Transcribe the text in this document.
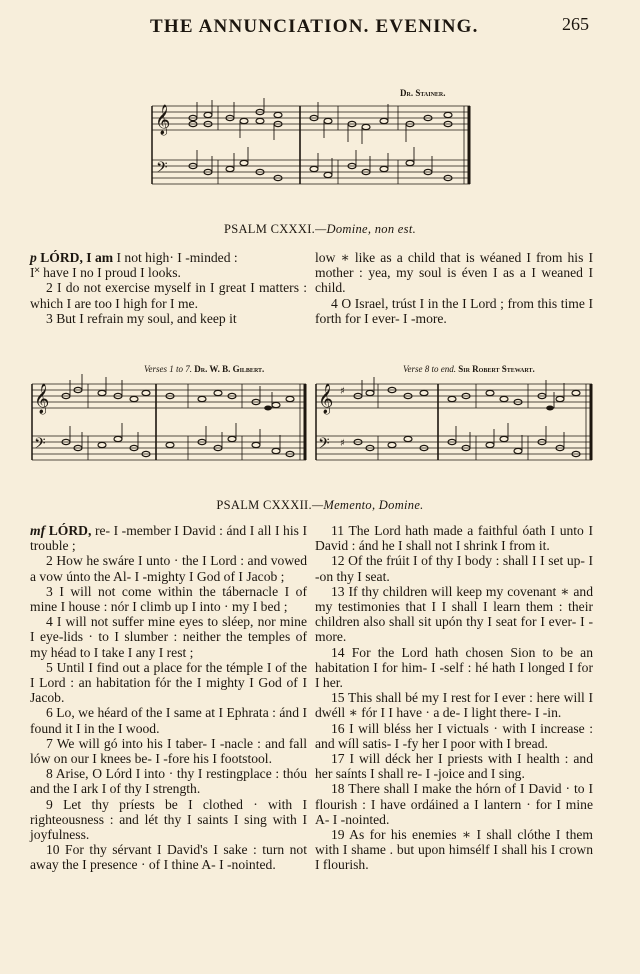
THE ANNUNCIATION. EVENING.	265
Dr. Stainer.
𝄞
𝄢
PSALM CXXXI.—Domine, non est.

p LÓRD, I am I not high· I -minded :

I˟ have I no I proud I looks.

2 I do not exercise myself in I great I matters : which I are too I high for I me.

3 But I refrain my soul, and keep it

low ∗ like as a child that is wéaned I from his I mother : yea, my soul is éven I as a I weaned I child.

4 O Israel, trúst I in the I Lord ; from this time I forth for I ever- I -more.

Verses 1 to 7. Dr. W. B. Gilbert.	Verse 8 to end. Sir Robert Stewart.
𝄞
𝄢
𝄞
𝄢
♯
♯
PSALM CXXXII.—Memento, Domine.

mf LÓRD, re- I -member I David : ánd I all I his I trouble ;

2 How he swáre I unto · the I Lord : and vowed a vow únto the Al- I -mighty I God of I Jacob ;

3 I will not come within the tábernacle I of mine I house : nór I climb up I into · my I bed ;

4 I will not suffer mine eyes to sléep, nor mine I eye-lids · to I slumber : neither the temples of my héad to I take I any I rest ;

5 Until I find out a place for the témple I of the I Lord : an habitation fór the I mighty I God of I Jacob.

6 Lo, we héard of the I same at I Ephrata : ánd I found it I in the I wood.

7 We will gó into his I taber- I -nacle : and fall lów on our I knees be- I -fore his I footstool.

8 Arise, O Lórd I into · thy I restingplace : thóu and the I ark I of thy I strength.

9 Let thy príests be I clothed · with I righteousness : and lét thy I saints I sing with I joyfulness.

10 For thy sérvant I David's I sake : turn not away the I presence · of I thine A- I -nointed.

11 The Lord hath made a faithful óath I unto I David : ánd he I shall not I shrink I from it.

12 Of the frúit I of thy I body : shall I I set up- I -on thy I seat.

13 If thy children will keep my covenant ∗ and my testimonies that I I shall I learn them : their children also shall sit upón thy I seat for I ever- I -more.

14 For the Lord hath chosen Sion to be an habitation I for him- I -self : hé hath I longed I for I her.

15 This shall bé my I rest for I ever : here will I dwéll ∗ fór I I have · a de- I light there- I -in.

16 I will bléss her I victuals · with I increase : and wíll satis- I -fy her I poor with I bread.

17 I will déck her I priests with I health : and her saínts I shall re- I -joice and I sing.

18 There shall I make the hórn of I David · to I flourish : I have ordáined a I lantern · for I mine A- I -nointed.

19 As for his enemies ∗ I shall clóthe I them with I shame . but upon himsélf I shall his I crown I flourish.
